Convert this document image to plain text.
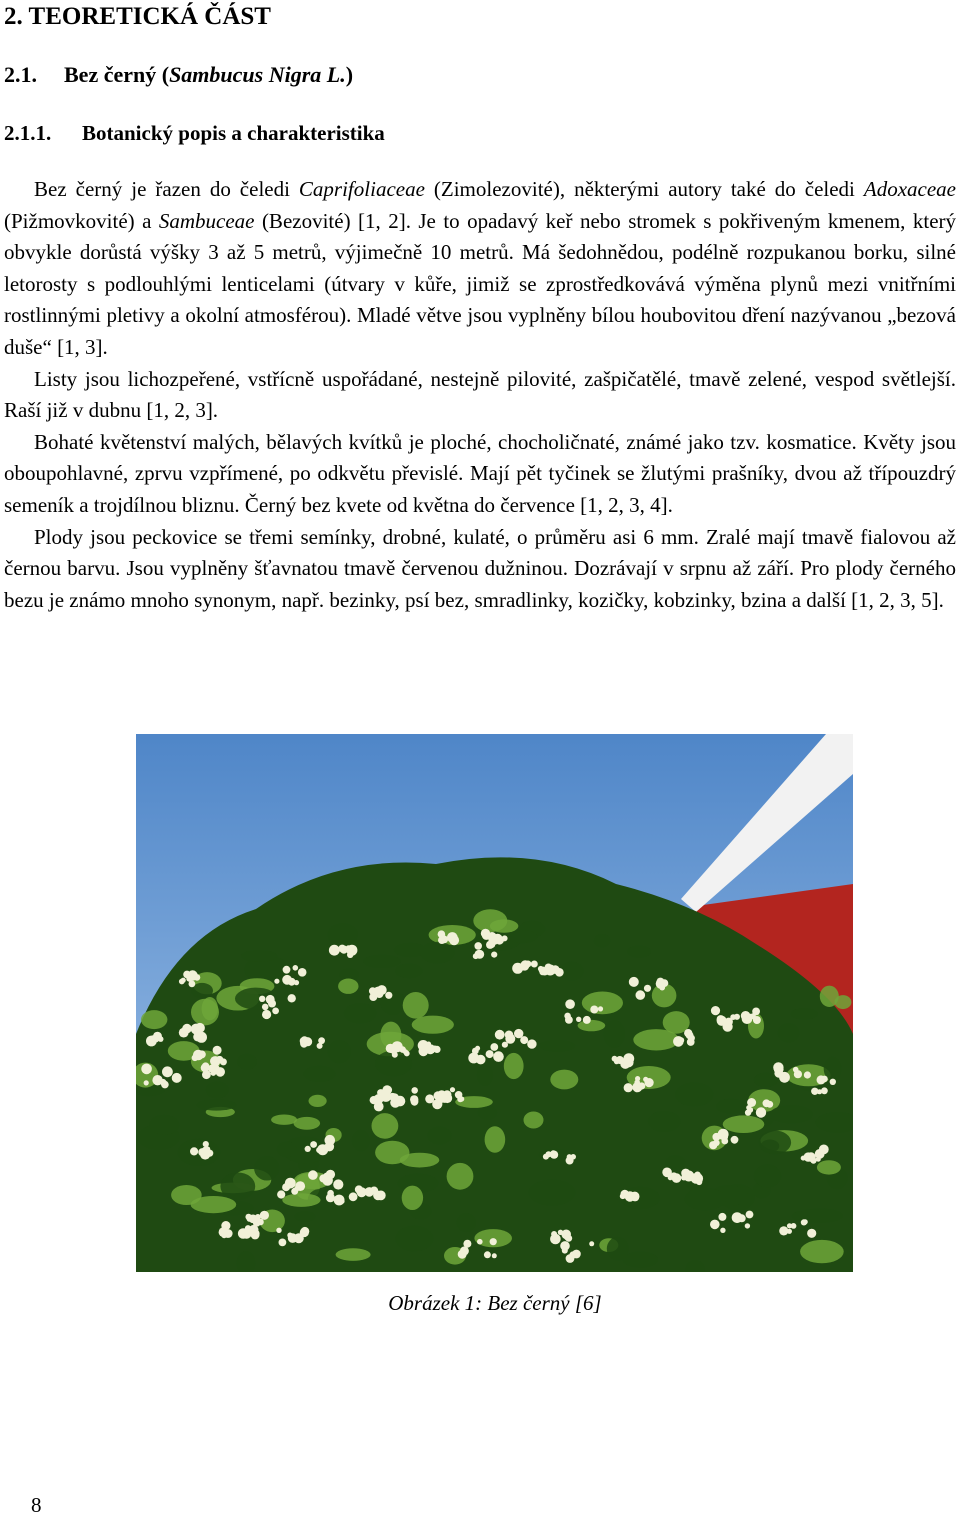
2. TEORETICKÁ ČÁST
2.1. Bez černý (Sambucus Nigra L.)
2.1.1. Botanický popis a charakteristika

Bez černý je řazen do čeledi Caprifoliaceae (Zimolezovité), některými autory také do čeledi Adoxaceae (Pižmovkovité) a Sambuceae (Bezovité) [1, 2]. Je to opadavý keř nebo stromek s pokřiveným kmenem, který obvykle dorůstá výšky 3 až 5 metrů, výjimečně 10 metrů. Má šedohnědou, podélně rozpukanou borku, silné letorosty s podlouhlými lenticelami (útvary v kůře, jimiž se zprostředkovává výměna plynů mezi vnitřními rostlinnými pletivy a okolní atmosférou). Mladé větve jsou vyplněny bílou houbovitou dření nazývanou „bezová duše“ [1, 3].

Listy jsou lichozpeřené, vstřícně uspořádané, nestejně pilovité, zašpičatělé, tmavě zelené, vespod světlejší. Raší již v dubnu [1, 2, 3].

Bohaté květenství malých, bělavých kvítků je ploché, chocholičnaté, známé jako tzv. kosmatice. Květy jsou oboupohlavné, zprvu vzpřímené, po odkvětu převislé. Mají pět tyčinek se žlutými prašníky, dvou až třípouzdrý semeník a trojdílnou bliznu. Černý bez kvete od května do července [1, 2, 3, 4].

Plody jsou peckovice se třemi semínky, drobné, kulaté, o průměru asi 6 mm. Zralé mají tmavě fialovou až černou barvu. Jsou vyplněny šťavnatou tmavě červenou dužninou. Dozrávají v srpnu až září. Pro plody černého bezu je známo mnoho synonym, např. bezinky, psí bez, smradlinky, kozičky, kobzinky, bzina a další [1, 2, 3, 5].

Obrázek 1: Bez černý [6]
8
